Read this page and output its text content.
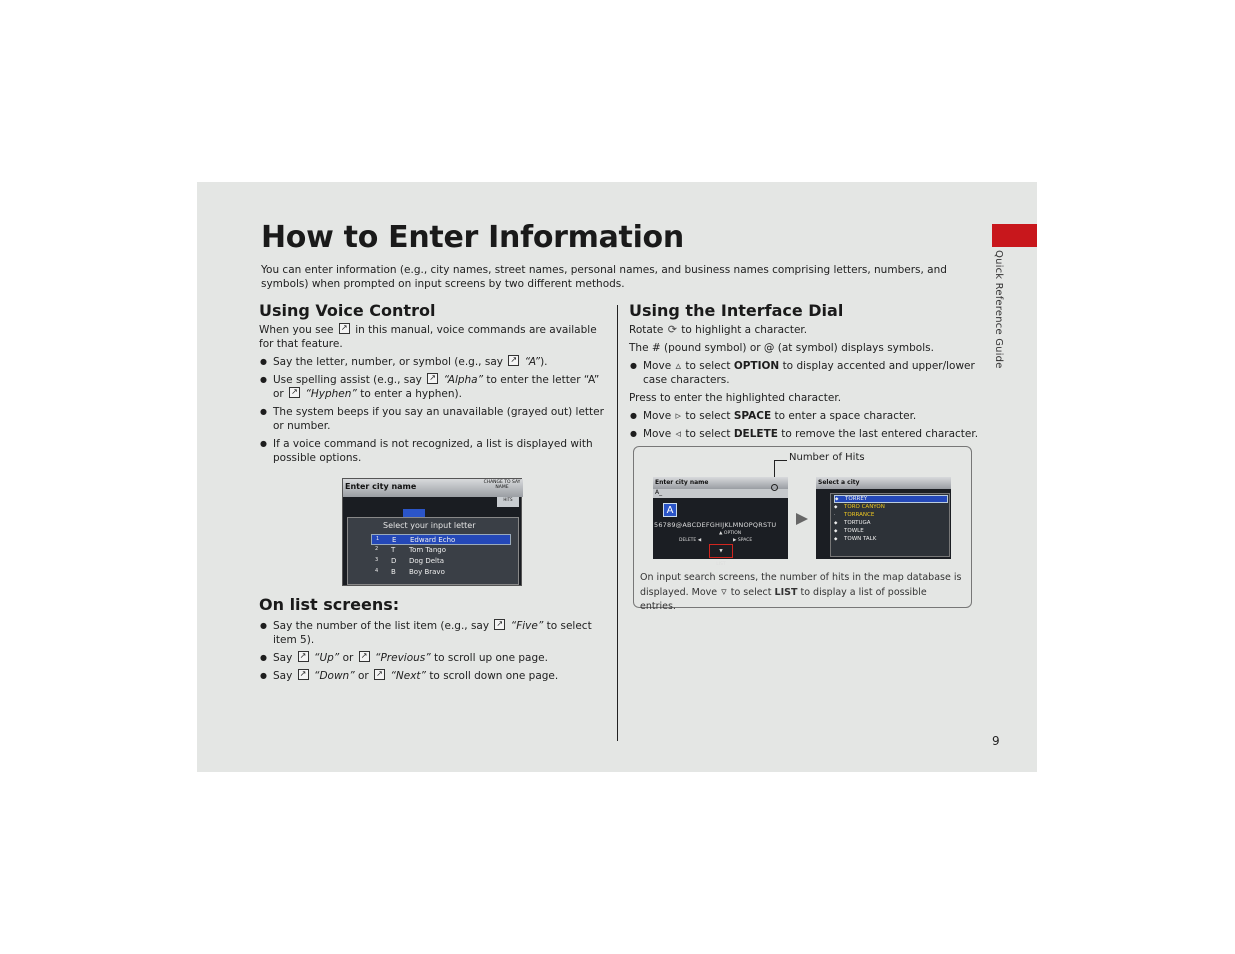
Quick Reference Guide
How to Enter Information

You can enter information (e.g., city names, street names, personal names, and business names comprising letters, numbers, and symbols) when prompted on input screens by two different methods.

Using Voice Control

When you see ↗ in this manual, voice commands are available for that feature.

● Say the letter, number, or symbol (e.g., say ↗ “A”).
● Use spelling assist (e.g., say ↗ “Alpha” to enter the letter “A” or ↗ “Hyphen” to enter a hyphen).
● The system beeps if you say an unavailable (grayed out) letter or number.
● If a voice command is not recognized, a list is displayed with possible options.
Enter city name	CHANGE TO SAY NAME
HITS
Select your input letter
1 E Edward Echo
2 T Tom Tango
3 D Dog Delta
4 B Boy Bravo
On list screens:
● Say the number of the list item (e.g., say ↗ “Five” to select item 5).
● Say ↗ “Up” or ↗ “Previous” to scroll up one page.
● Say ↗ “Down” or ↗ “Next” to scroll down one page.
Using the Interface Dial

Rotate ⟳ to highlight a character.

The # (pound symbol) or @ (at symbol) displays symbols.

● Move ▵ to select OPTION to display accented and upper/lower case characters.

Press to enter the highlighted character.

● Move ▹ to select SPACE to enter a space character.
● Move ◃ to select DELETE to remove the last entered character.

On input search screens, the number of hits in the map database is displayed. Move ▿ to select LIST to display a list of possible entries.

Number of Hits
Enter city name
A_
A
56789@ABCDEFGHIJKLMNOPQRSTU
▲ OPTION
DELETE ◀	▶ SPACE
▼
LIST
Select a city
◆ TORREY
◆ TORO CANYON
· TORRANCE
◆ TORTUGA
◆ TOWLE
◆ TOWN TALK
9
